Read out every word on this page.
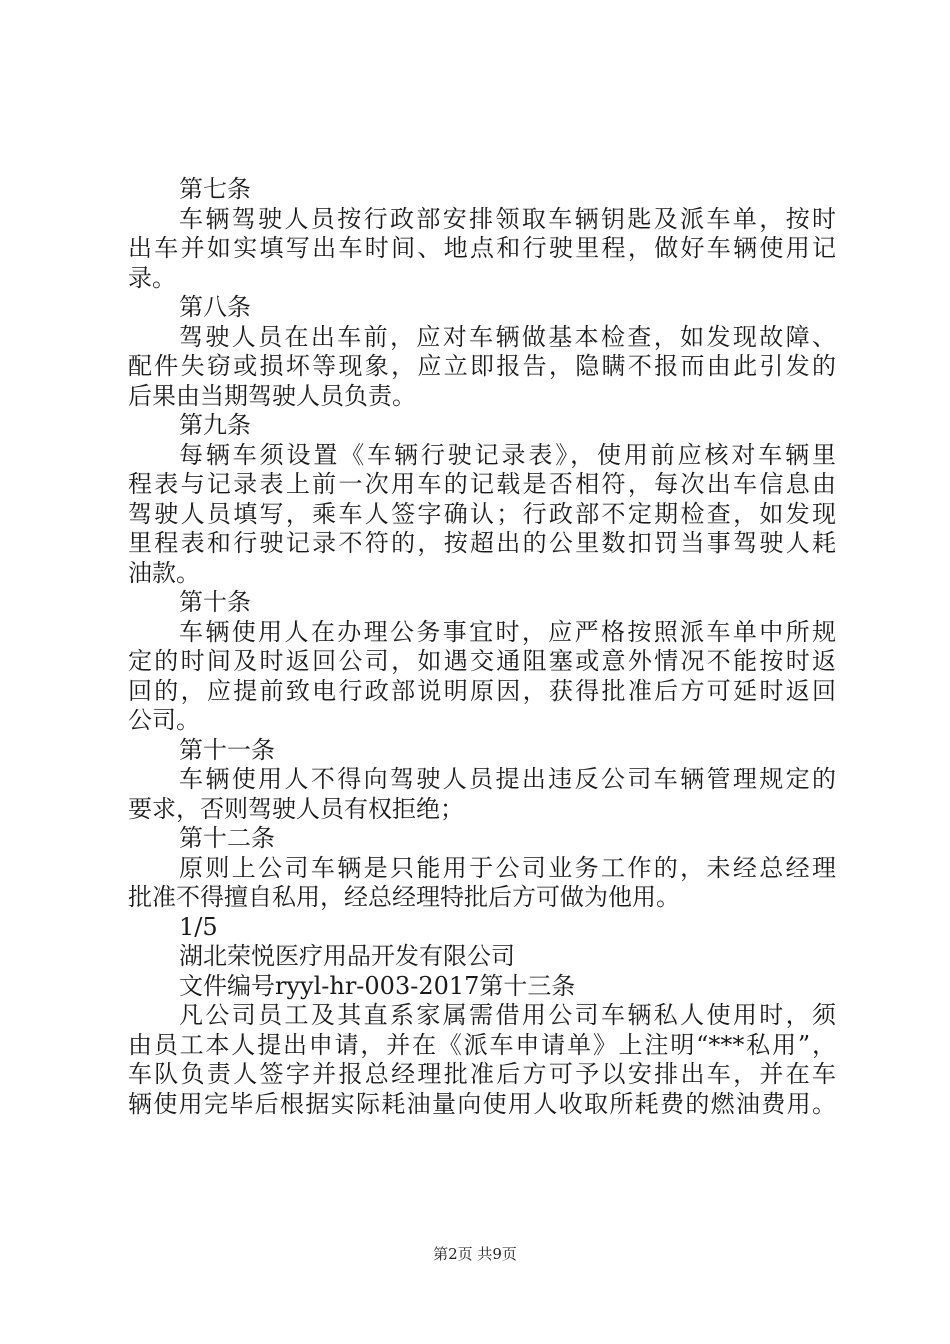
第七条
车辆驾驶人员按行政部安排领取车辆钥匙及派车单，按时
出车并如实填写出车时间、地点和行驶里程，做好车辆使用记
录。
第八条
驾驶人员在出车前，应对车辆做基本检查，如发现故障、
配件失窃或损坏等现象，应立即报告，隐瞒不报而由此引发的
后果由当期驾驶人员负责。
第九条
每辆车须设置《车辆行驶记录表》，使用前应核对车辆里
程表与记录表上前一次用车的记载是否相符，每次出车信息由
驾驶人员填写，乘车人签字确认；行政部不定期检查，如发现
里程表和行驶记录不符的，按超出的公里数扣罚当事驾驶人耗
油款。
第十条
车辆使用人在办理公务事宜时，应严格按照派车单中所规
定的时间及时返回公司，如遇交通阻塞或意外情况不能按时返
回的，应提前致电行政部说明原因，获得批准后方可延时返回
公司。
第十一条
车辆使用人不得向驾驶人员提出违反公司车辆管理规定的
要求，否则驾驶人员有权拒绝；
第十二条
原则上公司车辆是只能用于公司业务工作的，未经总经理
批准不得擅自私用，经总经理特批后方可做为他用。
1/5
湖北荣悦医疗用品开发有限公司
文件编号ryyl-hr-003-2017第十三条
凡公司员工及其直系家属需借用公司车辆私人使用时，须
由员工本人提出申请，并在《派车申请单》上注明“***私用”，
车队负责人签字并报总经理批准后方可予以安排出车，并在车
辆使用完毕后根据实际耗油量向使用人收取所耗费的燃油费用。
第2页 共9页
